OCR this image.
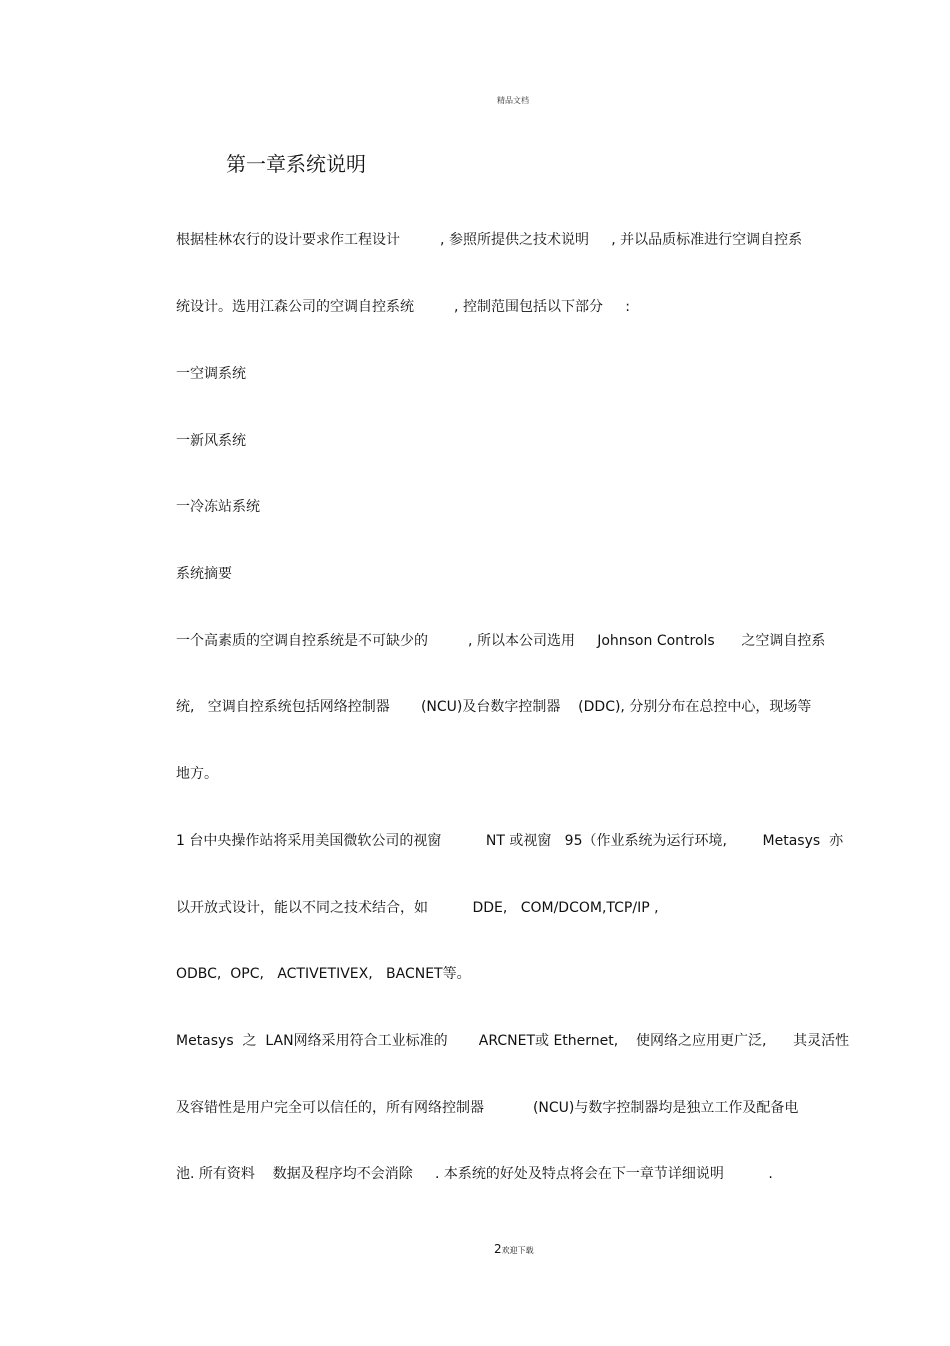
精品文档
第一章系统说明
根据桂林农行的设计要求作工程设计         , 参照所提供之技术说明     , 并以品质标准进行空调自控系
统设计。选用江森公司的空调自控系统         , 控制范围包括以下部分     :
一空调系统
一新风系统
一冷冻站系统
系统摘要
一个高素质的空调自控系统是不可缺少的         , 所以本公司选用     Johnson Controls      之空调自控系
统,   空调自控系统包括网络控制器       (NCU)及台数字控制器    (DDC), 分别分布在总控中心，现场等
地方。
1 台中央操作站将采用美国微软公司的视窗          NT 或视窗   95（作业系统为运行环境,        Metasys  亦
以开放式设计，能以不同之技术结合，如          DDE,   COM/DCOM,TCP/IP ,
ODBC,  OPC,   ACTIVETIVEX,   BACNET等。
Metasys  之  LAN网络采用符合工业标准的       ARCNET或 Ethernet,    使网络之应用更广泛,      其灵活性
及容错性是用户完全可以信任的，所有网络控制器           (NCU)与数字控制器均是独立工作及配备电
池. 所有资料    数据及程序均不会消除     . 本系统的好处及特点将会在下一章节详细说明          .
2欢迎下载
